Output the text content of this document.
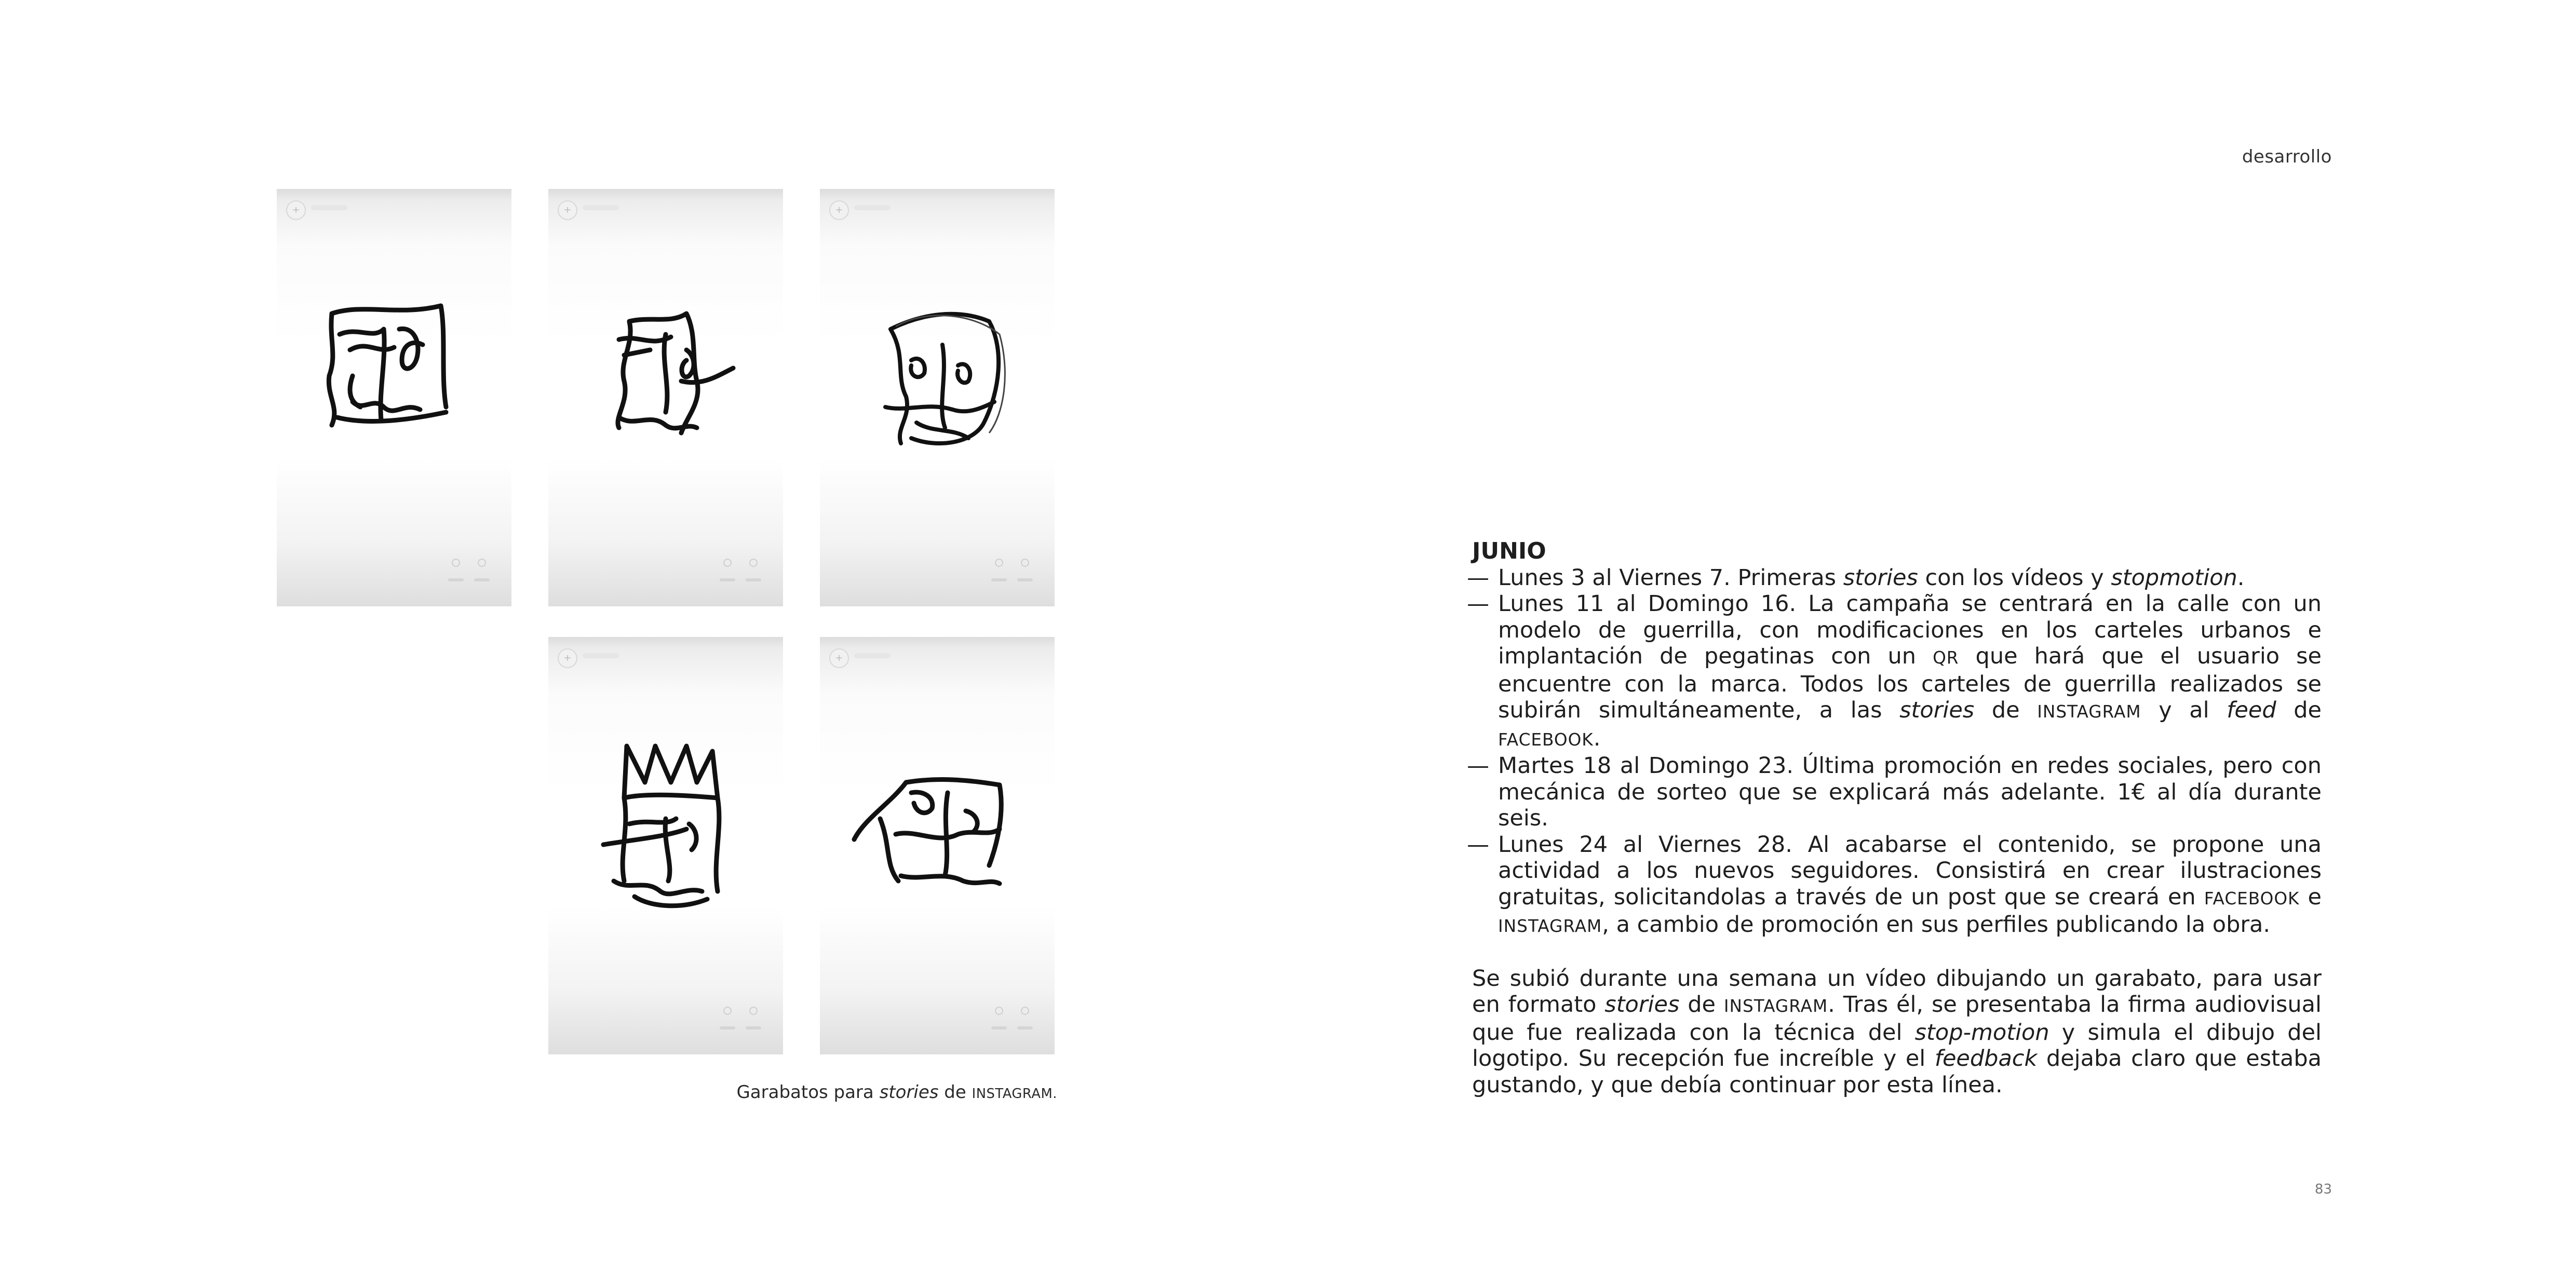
desarrollo
+	+	+
+	+
Garabatos para stories de INSTAGRAM.
JUNIO
— Lunes 3 al Viernes 7. Primeras stories con los vídeos y stopmotion.
— Lunes 11 al Domingo 16. La campaña se centrará en la calle con un modelo de guerrilla, con modificaciones en los carteles urbanos e implantación de pegatinas con un QR que hará que el usuario se encuentre con la marca. Todos los carteles de guerrilla realizados se subirán simultáneamente, a las stories de INSTAGRAM y al feed de FACEBOOK.
— Martes 18 al Domingo 23. Última promoción en redes sociales, pero con mecánica de sorteo que se explicará más adelante. 1€ al día durante seis.
— Lunes 24 al Viernes 28. Al acabarse el contenido, se propone una actividad a los nuevos seguidores. Consistirá en crear ilustraciones gratuitas, solicitandolas a través de un post que se creará en FACEBOOK e INSTAGRAM, a cambio de promoción en sus perfiles publicando la obra.
Se subió durante una semana un vídeo dibujando un garabato, para usar en formato stories de INSTAGRAM. Tras él, se presentaba la firma audiovisual que fue realizada con la técnica del stop-motion y simula el dibujo del logotipo. Su recepción fue increíble y el feedback dejaba claro que estaba gustando, y que debía continuar por esta línea.
83
